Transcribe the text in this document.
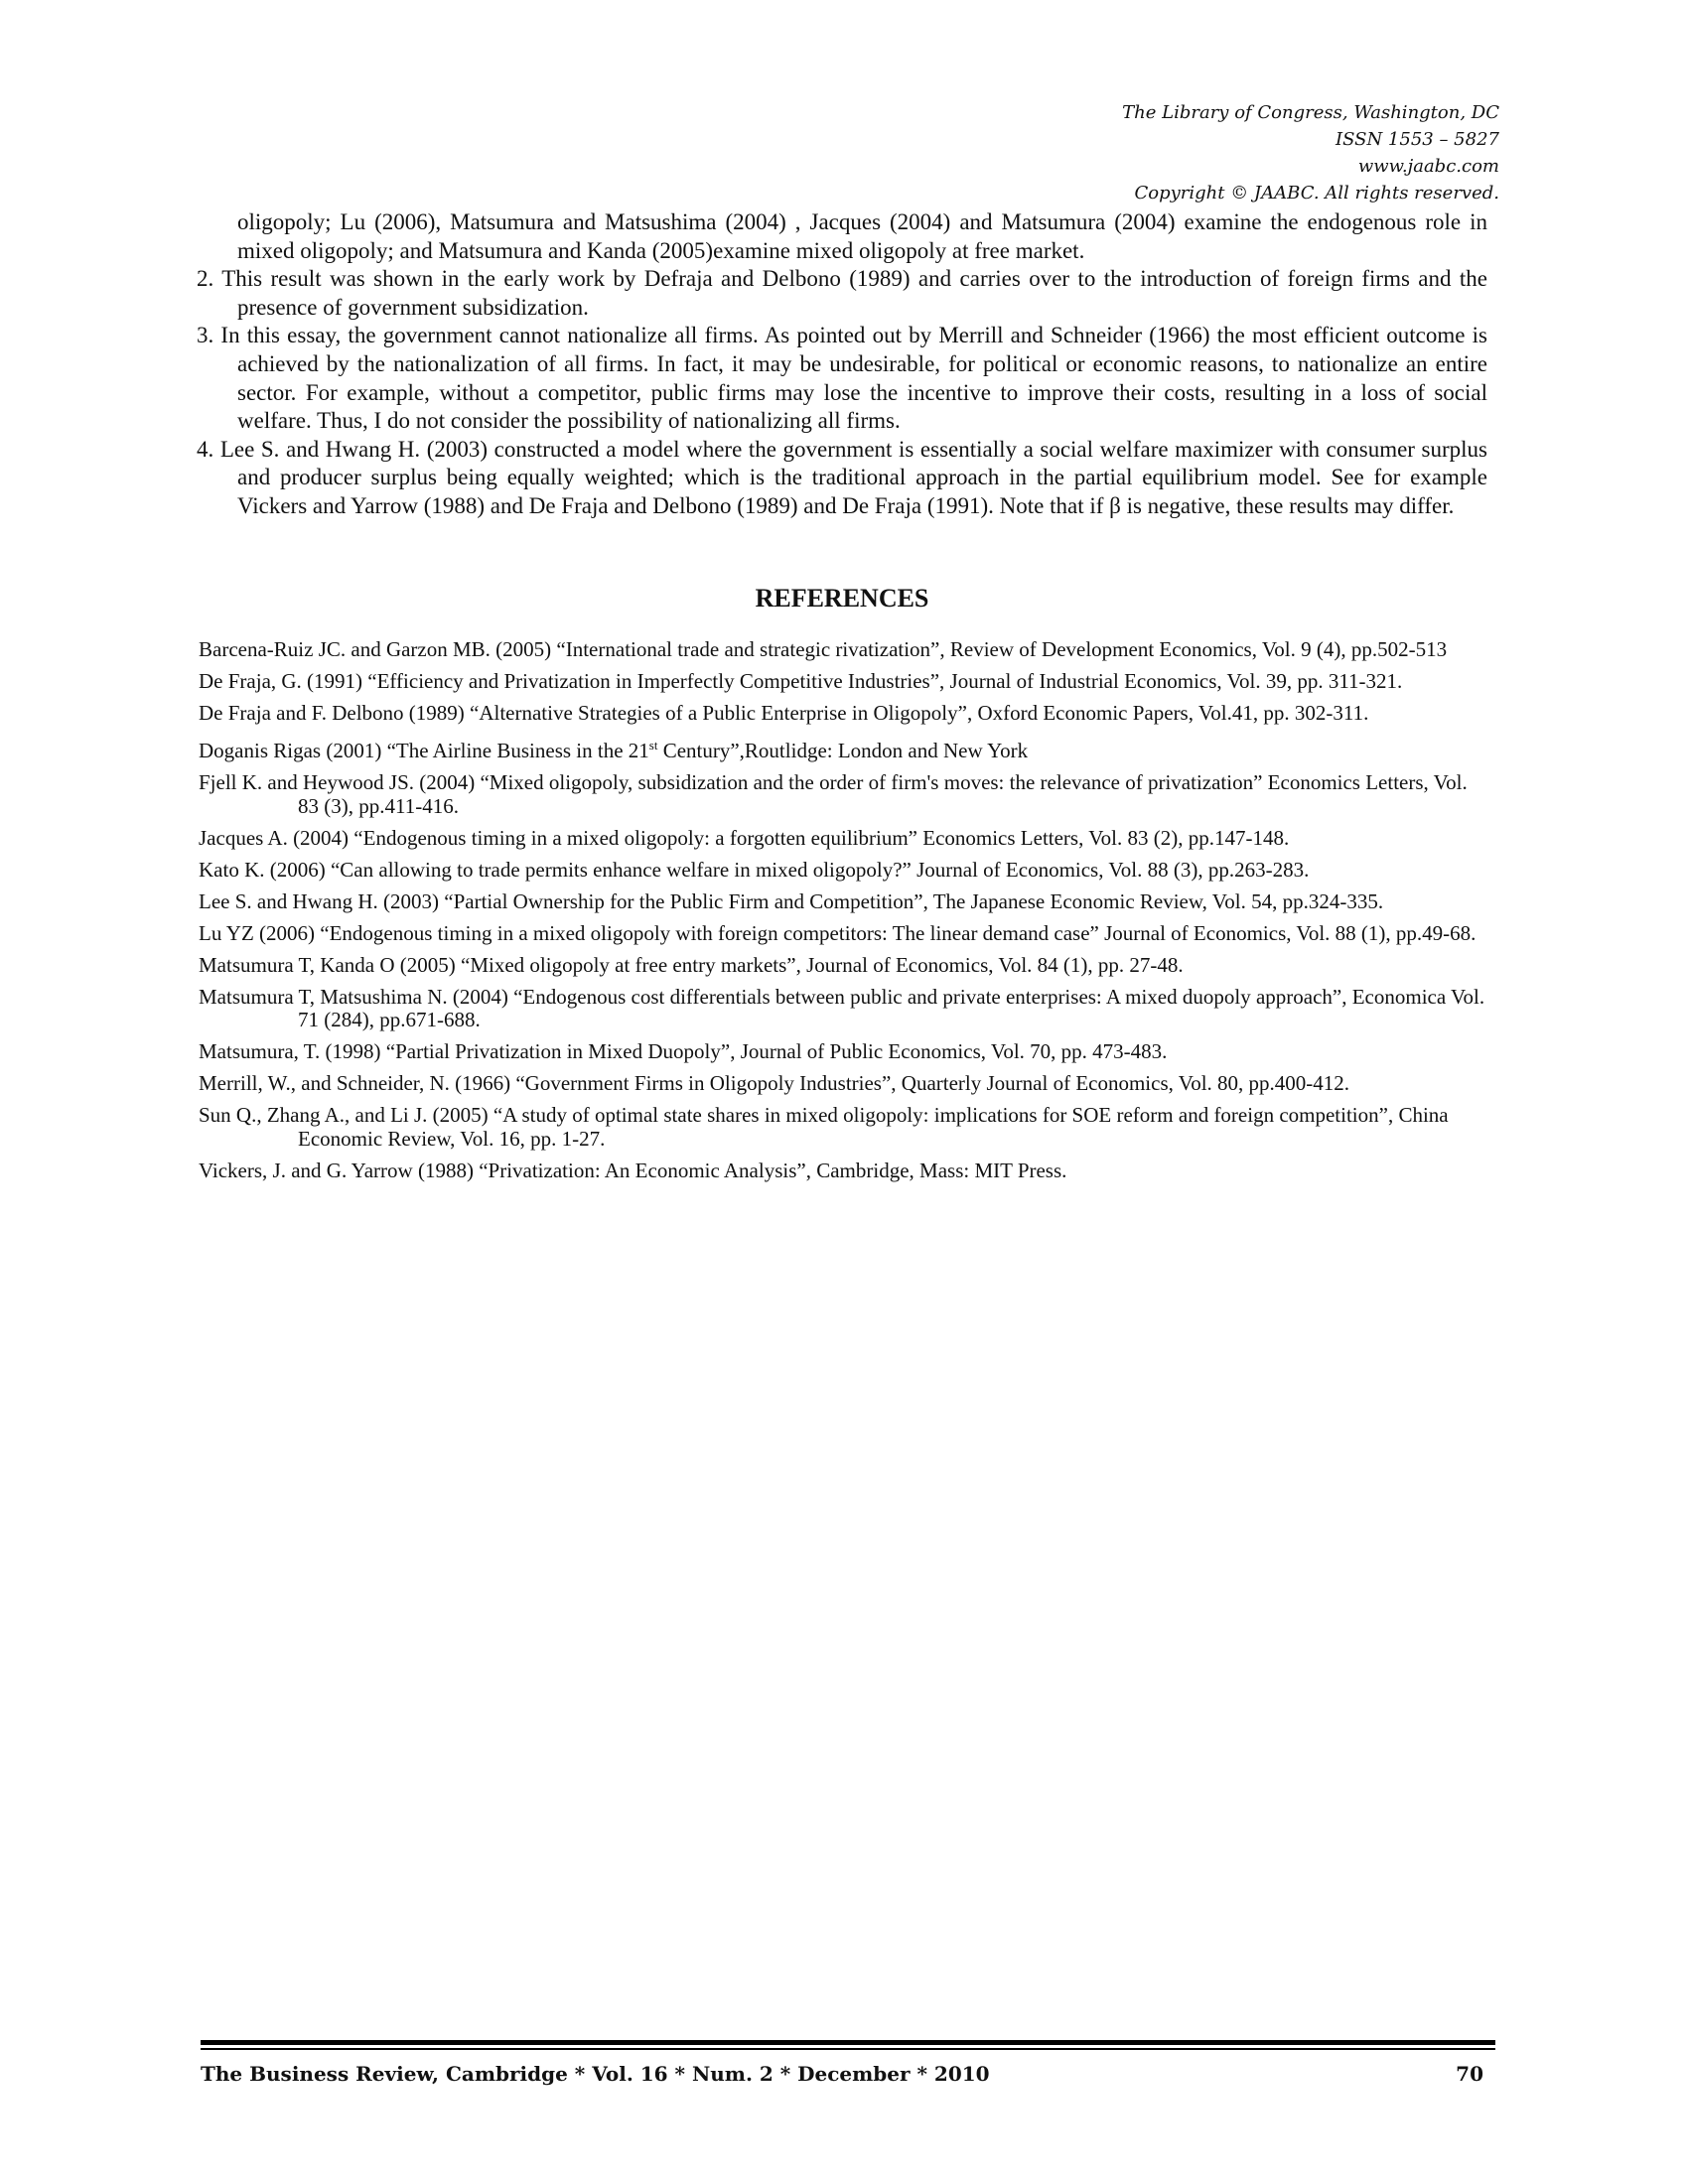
The Library of Congress, Washington, DC
ISSN 1553 – 5827
www.jaabc.com
Copyright © JAABC. All rights reserved.

oligopoly; Lu (2006), Matsumura and Matsushima (2004) , Jacques (2004) and Matsumura (2004) examine the endogenous role in mixed oligopoly; and Matsumura and Kanda (2005)examine mixed oligopoly at free market.

2. This result was shown in the early work by Defraja and Delbono (1989) and carries over to the introduction of foreign firms and the presence of government subsidization.

3. In this essay, the government cannot nationalize all firms. As pointed out by Merrill and Schneider (1966) the most efficient outcome is achieved by the nationalization of all firms. In fact, it may be undesirable, for political or economic reasons, to nationalize an entire sector. For example, without a competitor, public firms may lose the incentive to improve their costs, resulting in a loss of social welfare. Thus, I do not consider the possibility of nationalizing all firms.

4. Lee S. and Hwang H. (2003) constructed a model where the government is essentially a social welfare maximizer with consumer surplus and producer surplus being equally weighted; which is the traditional approach in the partial equilibrium model. See for example Vickers and Yarrow (1988) and De Fraja and Delbono (1989) and De Fraja (1991). Note that if β is negative, these results may differ.

REFERENCES

Barcena-Ruiz JC. and Garzon MB. (2005) “International trade and strategic rivatization”, Review of Development Economics, Vol. 9 (4), pp.502-513

De Fraja, G. (1991) “Efficiency and Privatization in Imperfectly Competitive Industries”, Journal of Industrial Economics, Vol. 39, pp. 311-321.

De Fraja and F. Delbono (1989) “Alternative Strategies of a Public Enterprise in Oligopoly”, Oxford Economic Papers, Vol.41, pp. 302-311.

Doganis Rigas (2001) “The Airline Business in the 21st Century”,Routlidge: London and New York

Fjell K. and Heywood JS. (2004) “Mixed oligopoly, subsidization and the order of firm's moves: the relevance of privatization” Economics Letters, Vol. 83 (3), pp.411-416.

Jacques A. (2004) “Endogenous timing in a mixed oligopoly: a forgotten equilibrium” Economics Letters, Vol. 83 (2), pp.147-148.

Kato K. (2006) “Can allowing to trade permits enhance welfare in mixed oligopoly?” Journal of Economics, Vol. 88 (3), pp.263-283.

Lee S. and Hwang H. (2003) “Partial Ownership for the Public Firm and Competition”, The Japanese Economic Review, Vol. 54, pp.324-335.

Lu YZ (2006) “Endogenous timing in a mixed oligopoly with foreign competitors: The linear demand case” Journal of Economics, Vol. 88 (1), pp.49-68.

Matsumura T, Kanda O (2005) “Mixed oligopoly at free entry markets”, Journal of Economics, Vol. 84 (1), pp. 27-48.

Matsumura T, Matsushima N. (2004) “Endogenous cost differentials between public and private enterprises: A mixed duopoly approach”, Economica Vol. 71 (284), pp.671-688.

Matsumura, T. (1998) “Partial Privatization in Mixed Duopoly”, Journal of Public Economics, Vol. 70, pp. 473-483.

Merrill, W., and Schneider, N. (1966) “Government Firms in Oligopoly Industries”, Quarterly Journal of Economics, Vol. 80, pp.400-412.

Sun Q., Zhang A., and Li J. (2005) “A study of optimal state shares in mixed oligopoly: implications for SOE reform and foreign competition”, China Economic Review, Vol. 16, pp. 1-27.

Vickers, J. and G. Yarrow (1988) “Privatization: An Economic Analysis”, Cambridge, Mass: MIT Press.

The Business Review, Cambridge * Vol. 16 * Num. 2 * December * 2010	70
